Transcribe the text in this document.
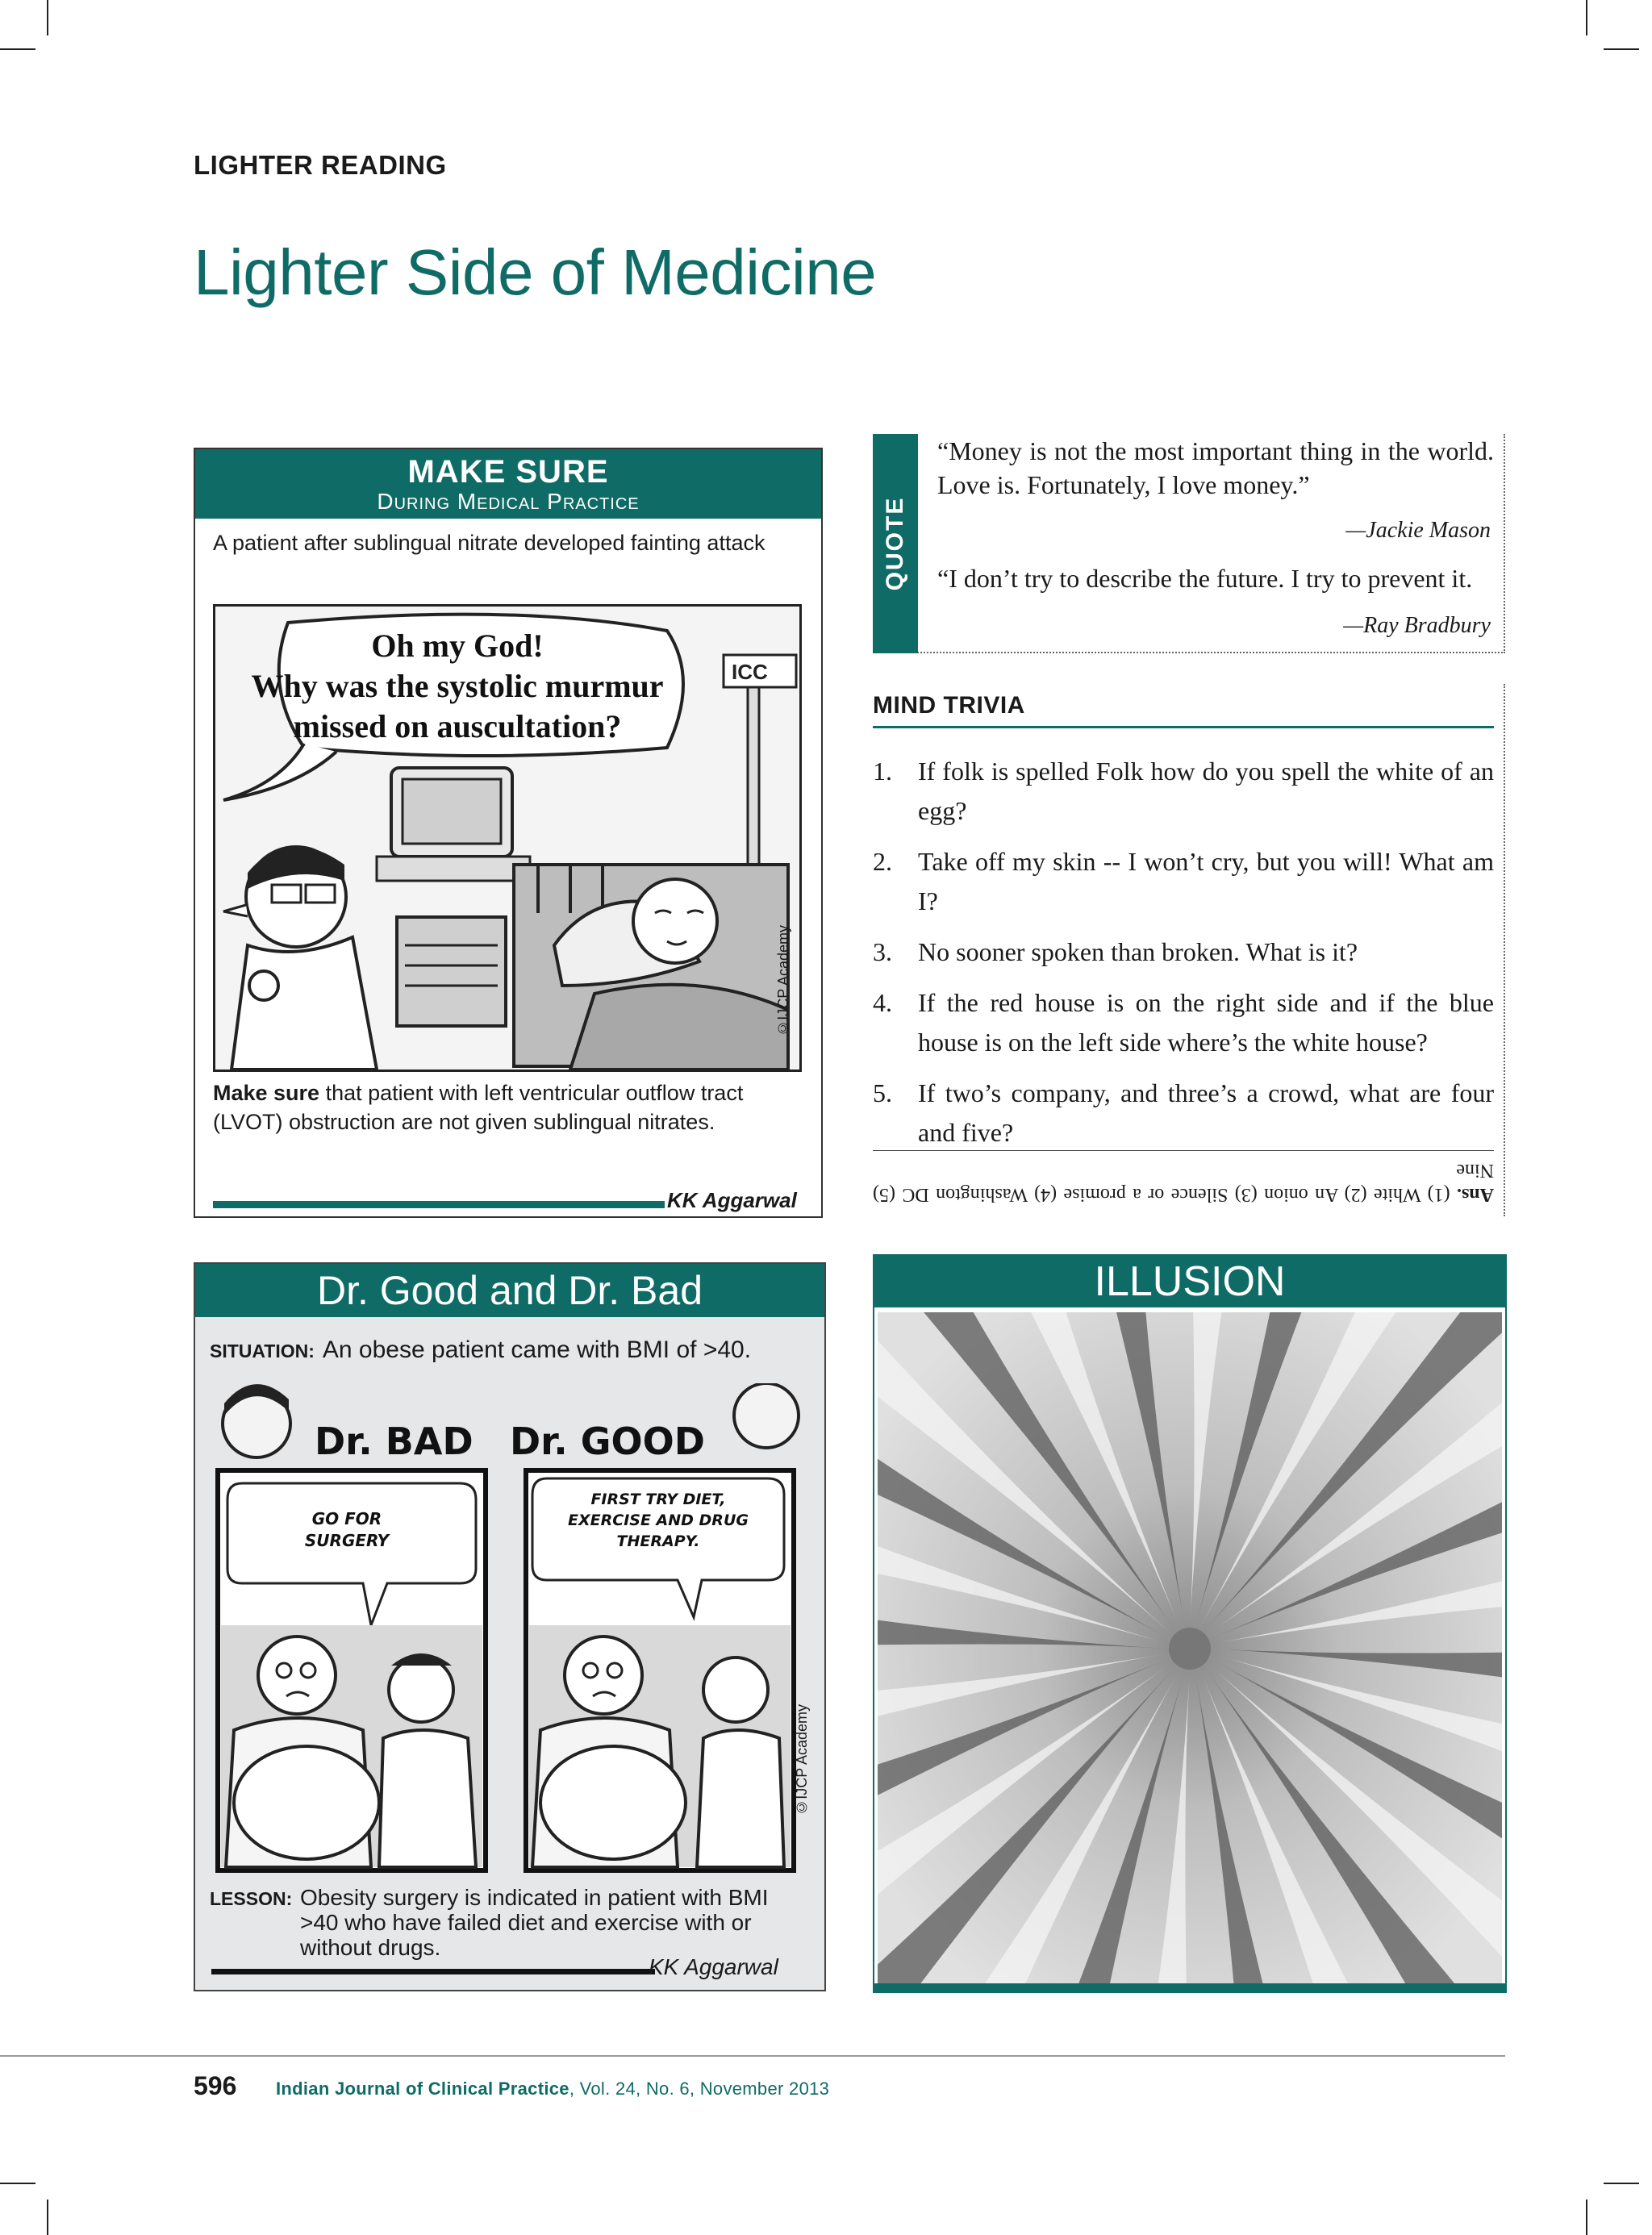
LIGHTER READING
Lighter Side of Medicine
MAKE SURE
During Medical Practice
A patient after sublingual nitrate developed fainting attack
ICC
Oh my God!
Why was the systolic murmur
missed on auscultation?
©IJCP Academy
Make sure that patient with left ventricular outflow tract (LVOT) obstruction are not given sublingual nitrates.
KK Aggarwal
QUOTE
“Money is not the most important thing in the world. Love is. Fortunately, I love money.”
—Jackie Mason
“I don’t try to describe the future. I try to prevent it.
—Ray Bradbury
MIND TRIVIA
1. If folk is spelled Folk how do you spell the white of an egg?
2. Take off my skin -- I won’t cry, but you will! What am I?
3. No sooner spoken than broken. What is it?
4. If the red house is on the right side and if the blue house is on the left side where’s the white house?
5. If two’s company, and three’s a crowd, what are four and five?
Ans. (1) White (2) An onion (3) Silence or a promise (4) Washington DC (5) Nine
Dr. Good and Dr. Bad
SITUATION: An obese patient came with BMI of >40.
Dr. BAD Dr. GOOD
GO FOR
SURGERY
FIRST TRY DIET,
EXERCISE AND DRUG
THERAPY.
©IJCP Academy
LESSON: Obesity surgery is indicated in patient with BMI >40 who have failed diet and exercise with or without drugs.
KK Aggarwal
ILLUSION
596 Indian Journal of Clinical Practice, Vol. 24, No. 6, November 2013
